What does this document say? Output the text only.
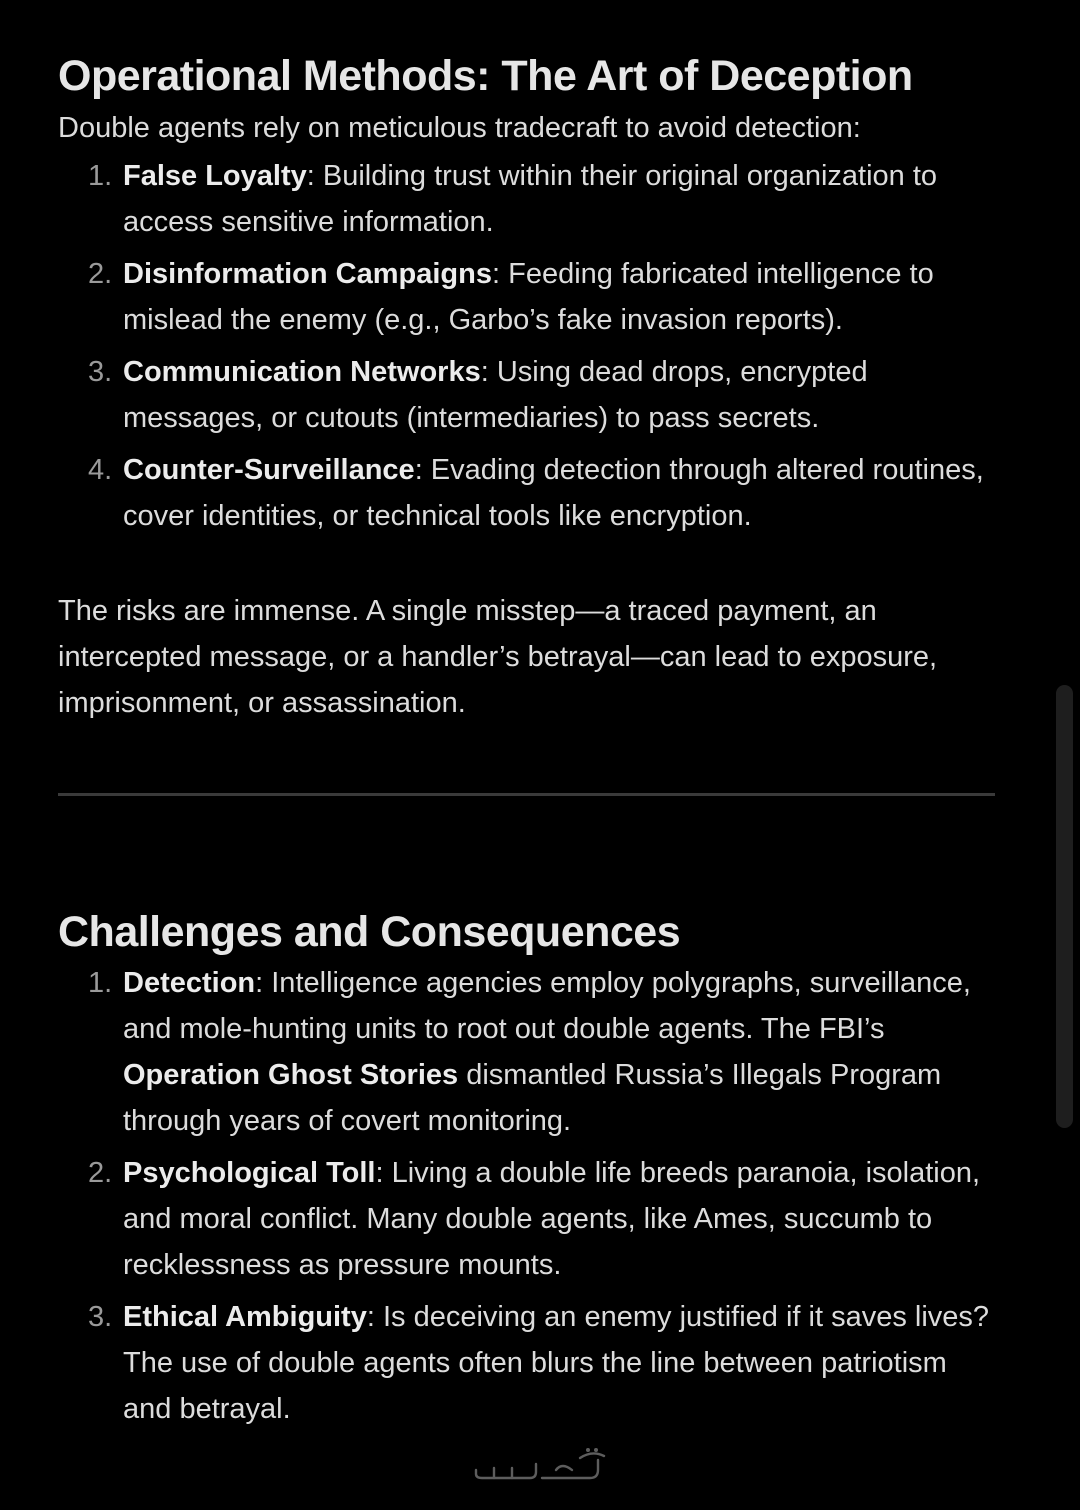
Operational Methods: The Art of Deception

Double agents rely on meticulous tradecraft to avoid detection:

1. False Loyalty: Building trust within their original organization to access sensitive information.
2. Disinformation Campaigns: Feeding fabricated intelligence to mislead the enemy (e.g., Garbo’s fake invasion reports).
3. Communication Networks: Using dead drops, encrypted messages, or cutouts (intermediaries) to pass secrets.
4. Counter-Surveillance: Evading detection through altered routines, cover identities, or technical tools like encryption.

The risks are immense. A single misstep—a traced payment, an intercepted message, or a handler’s betrayal—can lead to exposure, imprisonment, or assassination.

Challenges and Consequences
1. Detection: Intelligence agencies employ polygraphs, surveillance, and mole-hunting units to root out double agents. The FBI’s Operation Ghost Stories dismantled Russia’s Illegals Program through years of covert monitoring.
2. Psychological Toll: Living a double life breeds paranoia, isolation, and moral conflict. Many double agents, like Ames, succumb to recklessness as pressure mounts.
3. Ethical Ambiguity: Is deceiving an enemy justified if it saves lives? The use of double agents often blurs the line between patriotism and betrayal.
